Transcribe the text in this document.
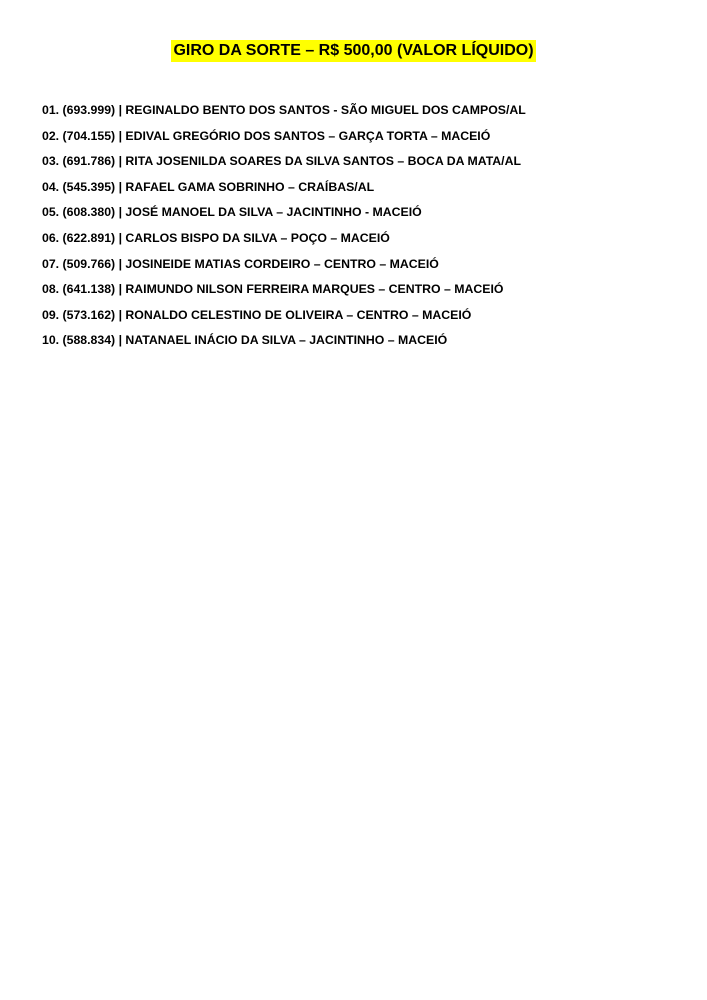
GIRO DA SORTE – R$ 500,00 (VALOR LÍQUIDO)
01. (693.999) | REGINALDO BENTO DOS SANTOS - SÃO MIGUEL DOS CAMPOS/AL
02. (704.155) | EDIVAL GREGÓRIO DOS SANTOS – GARÇA TORTA – MACEIÓ
03. (691.786) | RITA JOSENILDA SOARES DA SILVA SANTOS – BOCA DA MATA/AL
04. (545.395) | RAFAEL GAMA SOBRINHO – CRAÍBAS/AL
05. (608.380) | JOSÉ MANOEL DA SILVA – JACINTINHO - MACEIÓ
06. (622.891) | CARLOS BISPO DA SILVA – POÇO – MACEIÓ
07. (509.766) | JOSINEIDE MATIAS CORDEIRO – CENTRO – MACEIÓ
08. (641.138) | RAIMUNDO NILSON FERREIRA MARQUES – CENTRO – MACEIÓ
09. (573.162) | RONALDO CELESTINO DE OLIVEIRA – CENTRO – MACEIÓ
10. (588.834) | NATANAEL INÁCIO DA SILVA – JACINTINHO – MACEIÓ
